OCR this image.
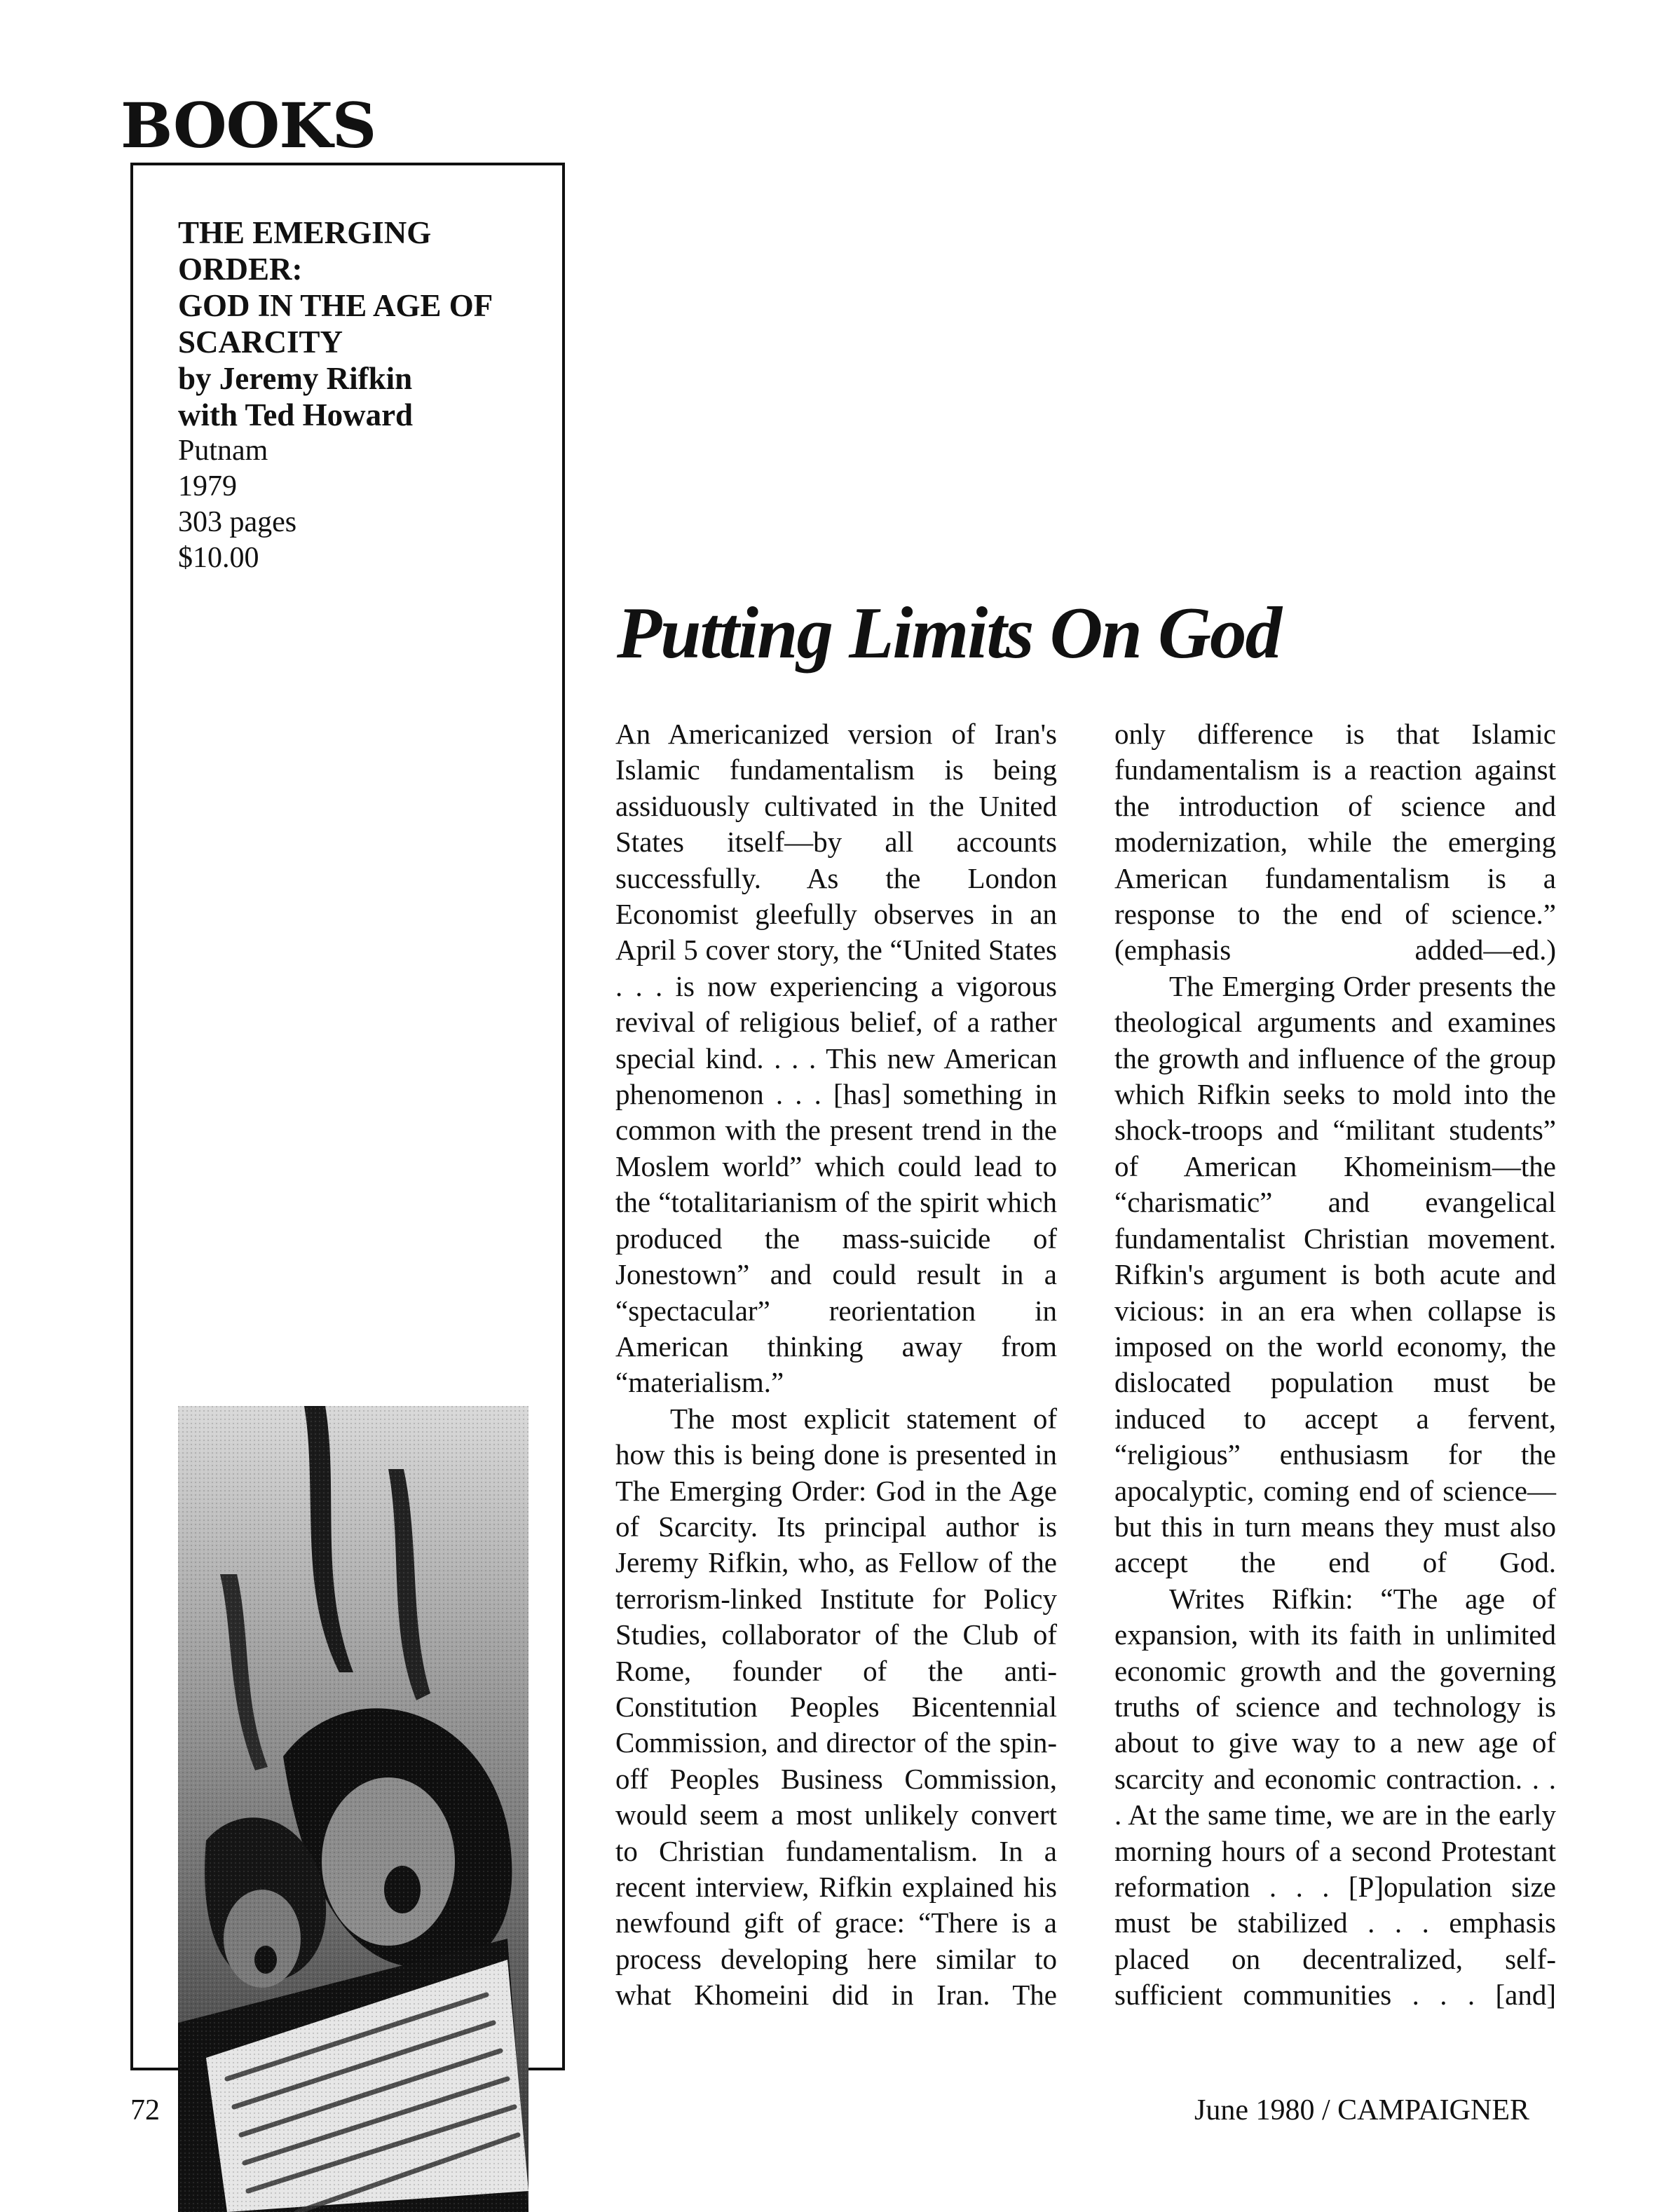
BOOKS
THE EMERGING
ORDER:
GOD IN THE AGE OF
SCARCITY
by Jeremy Rifkin
with Ted Howard
Putnam
1979
303 pages
$10.00
Putting Limits On God

An Americanized version of Iran's Islamic fundamentalism is being assiduously cultivated in the United States itself—by all accounts successfully. As the London Economist gleefully observes in an April 5 cover story, the “United States . . . is now experiencing a vigorous revival of religious belief, of a rather special kind. . . . This new American phenomenon . . . [has] something in common with the present trend in the Moslem world” which could lead to the “totalitarianism of the spirit which produced the mass-suicide of Jonestown” and could result in a “spectacular” reorientation in American thinking away from “materialism.”

The most explicit statement of how this is being done is presented in The Emerging Order: God in the Age of Scarcity. Its principal author is Jeremy Rifkin, who, as Fellow of the terrorism-linked Institute for Policy Studies, collaborator of the Club of Rome, founder of the anti-Constitution Peoples Bicentennial Commission, and director of the spin-off Peoples Business Commission, would seem a most unlikely convert to Christian fundamentalism. In a recent interview, Rifkin explained his newfound gift of grace: “There is a process developing here similar to what Khomeini did in Iran. The

only difference is that Islamic fundamentalism is a reaction against the introduction of science and modernization, while the emerging American fundamentalism is a response to the end of science.” (emphasis added—ed.)

The Emerging Order presents the theological arguments and examines the growth and influence of the group which Rifkin seeks to mold into the shock-troops and “militant students” of American Khomeinism—the “charismatic” and evangelical fundamentalist Christian movement. Rifkin's argument is both acute and vicious: in an era when collapse is imposed on the world economy, the dislocated population must be induced to accept a fervent, “religious” enthusiasm for the apocalyptic, coming end of science—but this in turn means they must also accept the end of God.

Writes Rifkin: “The age of expansion, with its faith in unlimited economic growth and the governing truths of science and technology is about to give way to a new age of scarcity and economic contraction. . . . At the same time, we are in the early morning hours of a second Protestant reformation . . . [P]opulation size must be stabilized . . . emphasis placed on decentralized, self-sufficient communities . . . [and]

72	June 1980 / CAMPAIGNER
